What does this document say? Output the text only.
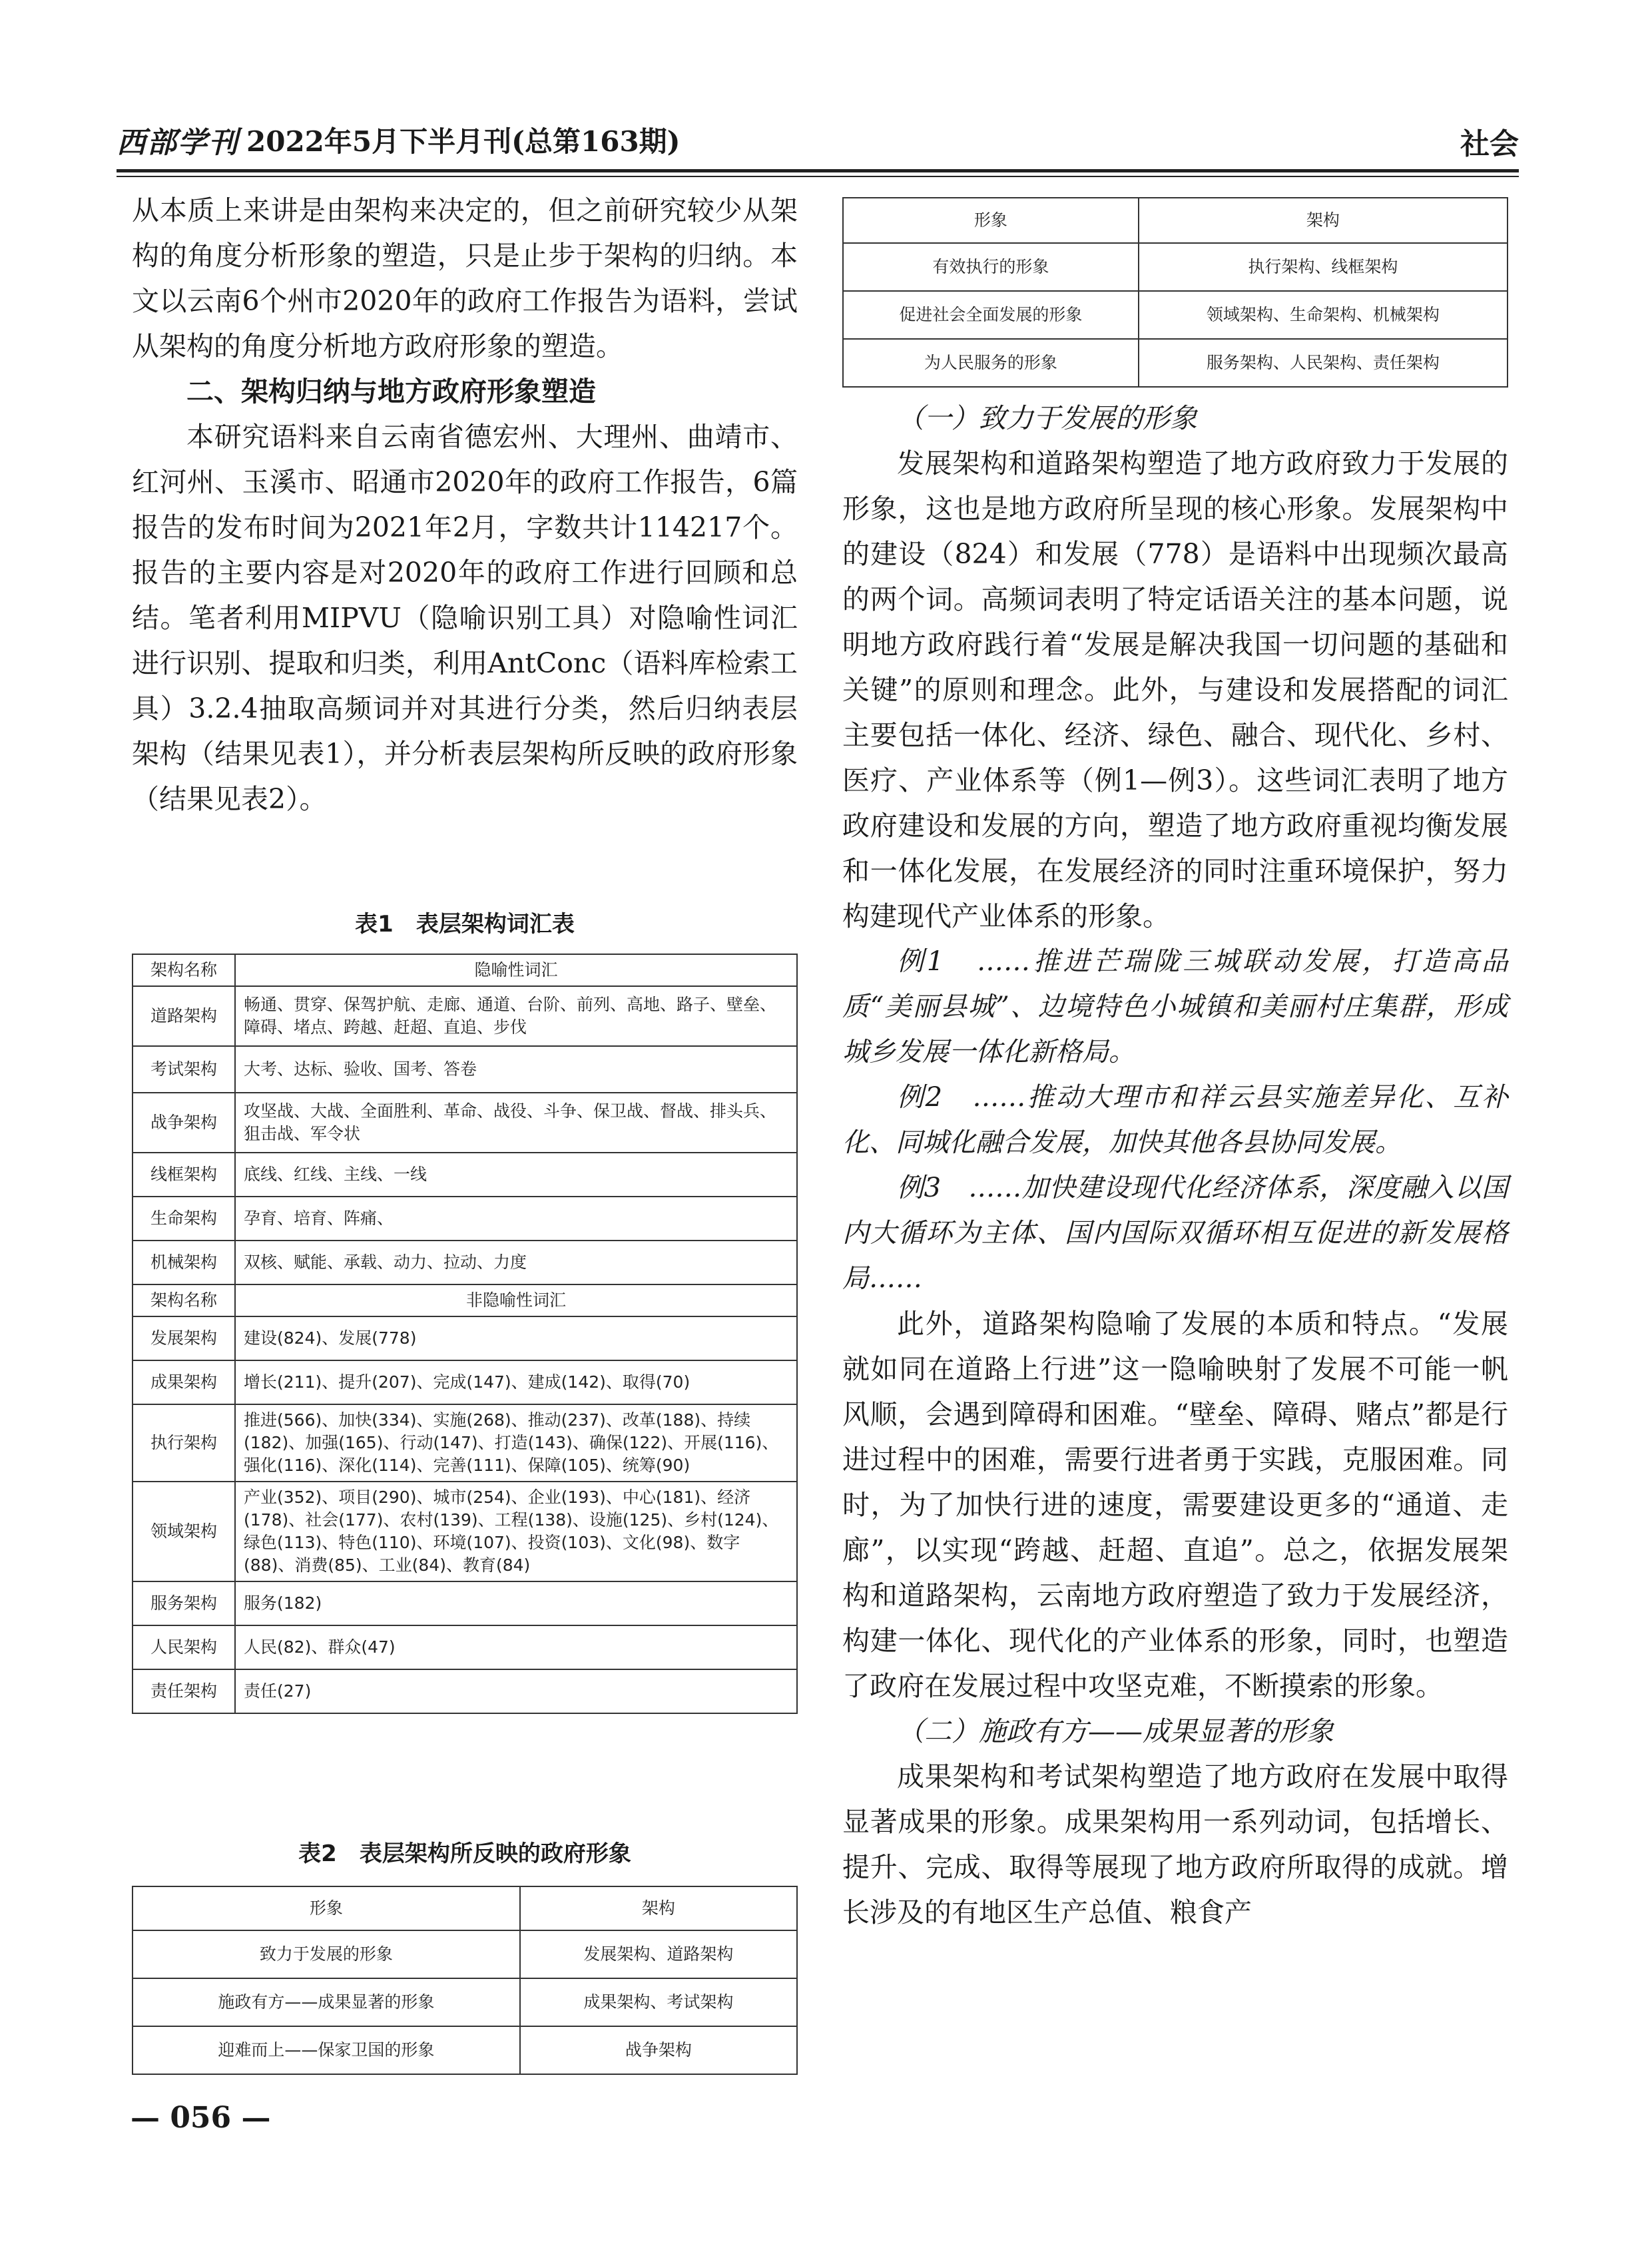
西部学刊 2022年5月下半月刊(总第163期)	社会

从本质上来讲是由架构来决定的，但之前研究较少从架构的角度分析形象的塑造，只是止步于架构的归纳。本文以云南6个州市2020年的政府工作报告为语料，尝试从架构的角度分析地方政府形象的塑造。

二、架构归纳与地方政府形象塑造

本研究语料来自云南省德宏州、大理州、曲靖市、红河州、玉溪市、昭通市2020年的政府工作报告，6篇报告的发布时间为2021年2月，字数共计114217个。报告的主要内容是对2020年的政府工作进行回顾和总结。笔者利用MIPVU（隐喻识别工具）对隐喻性词汇进行识别、提取和归类，利用AntConc（语料库检索工具）3.2.4抽取高频词并对其进行分类，然后归纳表层架构（结果见表1），并分析表层架构所反映的政府形象（结果见表2）。

表1　表层架构词汇表
架构名称	隐喻性词汇
道路架构	畅通、贯穿、保驾护航、走廊、通道、台阶、前列、高地、路子、壁垒、障碍、堵点、跨越、赶超、直追、步伐
考试架构	大考、达标、验收、国考、答卷
战争架构	攻坚战、大战、全面胜利、革命、战役、斗争、保卫战、督战、排头兵、狙击战、军令状
线框架构	底线、红线、主线、一线
生命架构	孕育、培育、阵痛、
机械架构	双核、赋能、承载、动力、拉动、力度
架构名称	非隐喻性词汇
发展架构	建设(824)、发展(778)
成果架构	增长(211)、提升(207)、完成(147)、建成(142)、取得(70)
执行架构	推进(566)、加快(334)、实施(268)、推动(237)、改革(188)、持续(182)、加强(165)、行动(147)、打造(143)、确保(122)、开展(116)、强化(116)、深化(114)、完善(111)、保障(105)、统筹(90)
领域架构	产业(352)、项目(290)、城市(254)、企业(193)、中心(181)、经济(178)、社会(177)、农村(139)、工程(138)、设施(125)、乡村(124)、绿色(113)、特色(110)、环境(107)、投资(103)、文化(98)、数字(88)、消费(85)、工业(84)、教育(84)
服务架构	服务(182)
人民架构	人民(82)、群众(47)
责任架构	责任(27)
表2　表层架构所反映的政府形象
形象	架构
致力于发展的形象	发展架构、道路架构
施政有方——成果显著的形象	成果架构、考试架构
迎难而上——保家卫国的形象	战争架构
形象	架构
有效执行的形象	执行架构、线框架构
促进社会全面发展的形象	领域架构、生命架构、机械架构
为人民服务的形象	服务架构、人民架构、责任架构

（一）致力于发展的形象

发展架构和道路架构塑造了地方政府致力于发展的形象，这也是地方政府所呈现的核心形象。发展架构中的建设（824）和发展（778）是语料中出现频次最高的两个词。高频词表明了特定话语关注的基本问题，说明地方政府践行着“发展是解决我国一切问题的基础和关键”的原则和理念。此外，与建设和发展搭配的词汇主要包括一体化、经济、绿色、融合、现代化、乡村、医疗、产业体系等（例1—例3）。这些词汇表明了地方政府建设和发展的方向，塑造了地方政府重视均衡发展和一体化发展，在发展经济的同时注重环境保护，努力构建现代产业体系的形象。

例1　……推进芒瑞陇三城联动发展，打造高品质“美丽县城”、边境特色小城镇和美丽村庄集群，形成城乡发展一体化新格局。

例2　……推动大理市和祥云县实施差异化、互补化、同城化融合发展，加快其他各县协同发展。

例3　……加快建设现代化经济体系，深度融入以国内大循环为主体、国内国际双循环相互促进的新发展格局……

此外，道路架构隐喻了发展的本质和特点。“发展就如同在道路上行进”这一隐喻映射了发展不可能一帆风顺，会遇到障碍和困难。“壁垒、障碍、赌点”都是行进过程中的困难，需要行进者勇于实践，克服困难。同时，为了加快行进的速度，需要建设更多的“通道、走廊”，以实现“跨越、赶超、直追”。总之，依据发展架构和道路架构，云南地方政府塑造了致力于发展经济，构建一体化、现代化的产业体系的形象，同时，也塑造了政府在发展过程中攻坚克难，不断摸索的形象。

（二）施政有方——成果显著的形象

成果架构和考试架构塑造了地方政府在发展中取得显著成果的形象。成果架构用一系列动词，包括增长、提升、完成、取得等展现了地方政府所取得的成就。增长涉及的有地区生产总值、粮食产

— 056 —
